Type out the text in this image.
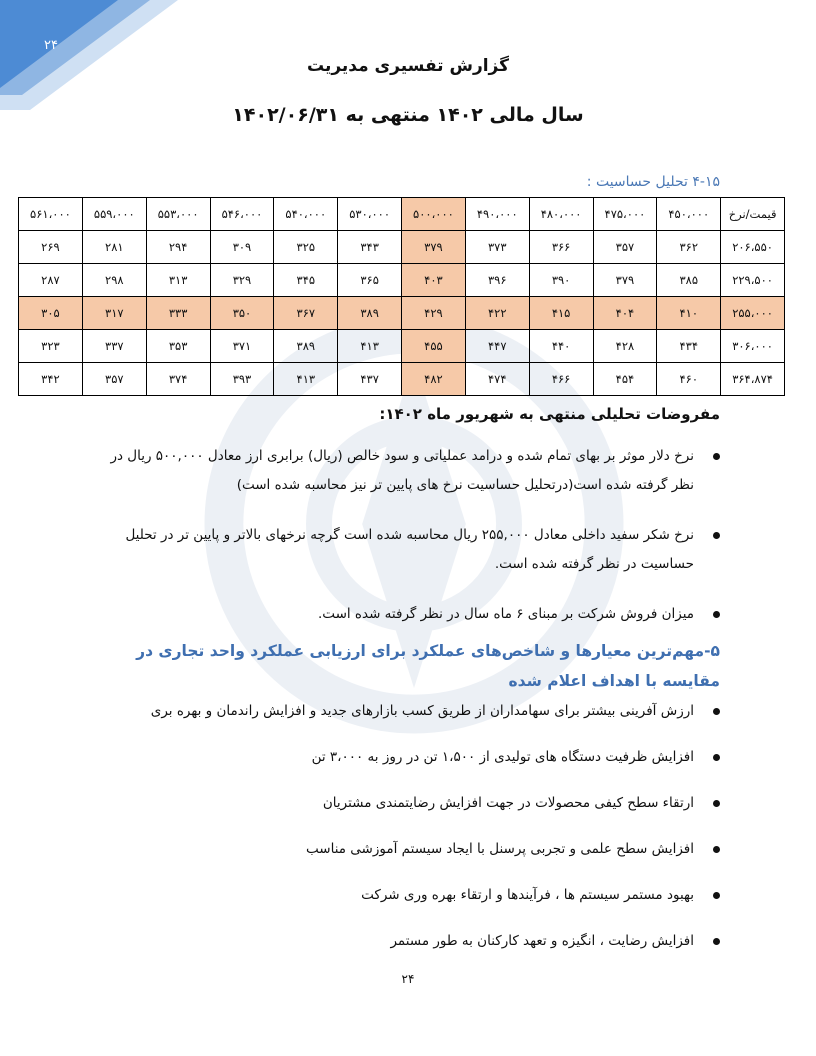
۲۴
گزارش تفسیری مدیریت
سال مالی ۱۴۰۲ منتهی به ۱۴۰۲/۰۶/۳۱
۴-۱۵ تحلیل حساسیت :
قیمت/نرخ	۴۵۰،۰۰۰	۴۷۵،۰۰۰	۴۸۰،۰۰۰	۴۹۰،۰۰۰	۵۰۰،۰۰۰	۵۳۰،۰۰۰	۵۴۰،۰۰۰	۵۴۶،۰۰۰	۵۵۳،۰۰۰	۵۵۹،۰۰۰	۵۶۱،۰۰۰
۲۰۶،۵۵۰	۳۶۲	۳۵۷	۳۶۶	۳۷۳	۳۷۹	۳۴۳	۳۲۵	۳۰۹	۲۹۴	۲۸۱	۲۶۹
۲۲۹،۵۰۰	۳۸۵	۳۷۹	۳۹۰	۳۹۶	۴۰۳	۳۶۵	۳۴۵	۳۲۹	۳۱۳	۲۹۸	۲۸۷
۲۵۵،۰۰۰	۴۱۰	۴۰۴	۴۱۵	۴۲۲	۴۲۹	۳۸۹	۳۶۷	۳۵۰	۳۳۳	۳۱۷	۳۰۵
۳۰۶،۰۰۰	۴۳۴	۴۲۸	۴۴۰	۴۴۷	۴۵۵	۴۱۳	۳۸۹	۳۷۱	۳۵۳	۳۳۷	۳۲۳
۳۶۴،۸۷۴	۴۶۰	۴۵۴	۴۶۶	۴۷۴	۴۸۲	۴۳۷	۴۱۳	۳۹۳	۳۷۴	۳۵۷	۳۴۲
مفروضات تحلیلی منتهی به شهریور ماه ۱۴۰۲:
نرخ دلار موثر بر بهای تمام شده و درامد عملیاتی و سود خالص (ریال) برابری ارز معادل ۵۰۰,۰۰۰ ریال در نظر گرفته شده است(درتحلیل حساسیت نرخ های پایین تر نیز محاسبه شده است)
نرخ شکر سفید داخلی معادل ۲۵۵,۰۰۰ ریال محاسبه شده است گرچه نرخهای بالاتر و پایین تر در تحلیل حساسیت در نظر گرفته شده است.
میزان فروش شرکت بر مبنای ۶ ماه سال در نظر گرفته شده است.
۵-مهم‌ترین معیارها و شاخص‌های عملکرد برای ارزیابی عملکرد واحد تجاری در مقایسه با اهداف اعلام شده
ارزش آفرینی بیشتر برای سهامداران از طریق کسب بازارهای جدید و افزایش راندمان و بهره بری
افزایش ظرفیت دستگاه های تولیدی از ۱،۵۰۰ تن در روز به ۳،۰۰۰ تن
ارتقاء سطح کیفی محصولات در جهت افزایش رضایتمندی مشتریان
افزایش سطح علمی و تجربی پرسنل با ایجاد سیستم آموزشی مناسب
بهبود مستمر سیستم ها ، فرآیندها و ارتقاء بهره وری شرکت
افزایش رضایت ، انگیزه و تعهد کارکنان به طور مستمر
۲۴
